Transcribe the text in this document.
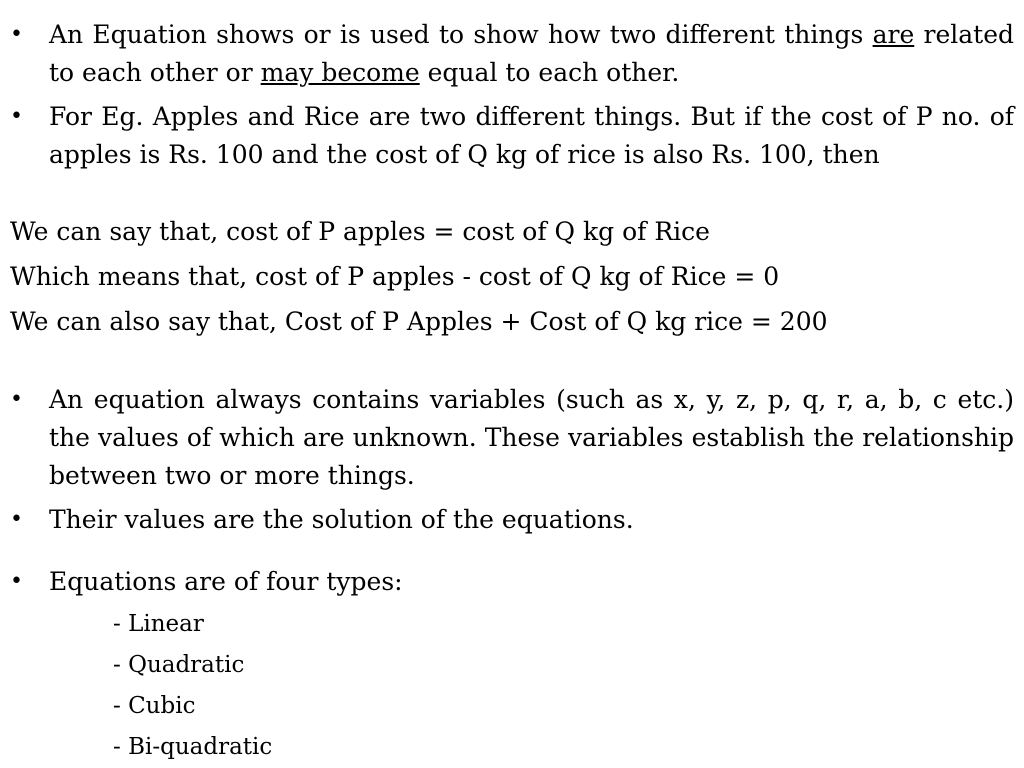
• An Equation shows or is used to show how two different things are related to each other or may become equal to each other.
• For Eg. Apples and Rice are two different things. But if the cost of P no. of apples is Rs. 100 and the cost of Q kg of rice is also Rs. 100, then
We can say that, cost of P apples = cost of Q kg of Rice
Which means that, cost of P apples - cost of Q kg of Rice = 0
We can also say that, Cost of P Apples + Cost of Q kg rice = 200
• An equation always contains variables (such as x, y, z, p, q, r, a, b, c etc.) the values of which are unknown. These variables establish the relationship between two or more things.
• Their values are the solution of the equations.
• Equations are of four types:
- Linear
- Quadratic
- Cubic
- Bi-quadratic
